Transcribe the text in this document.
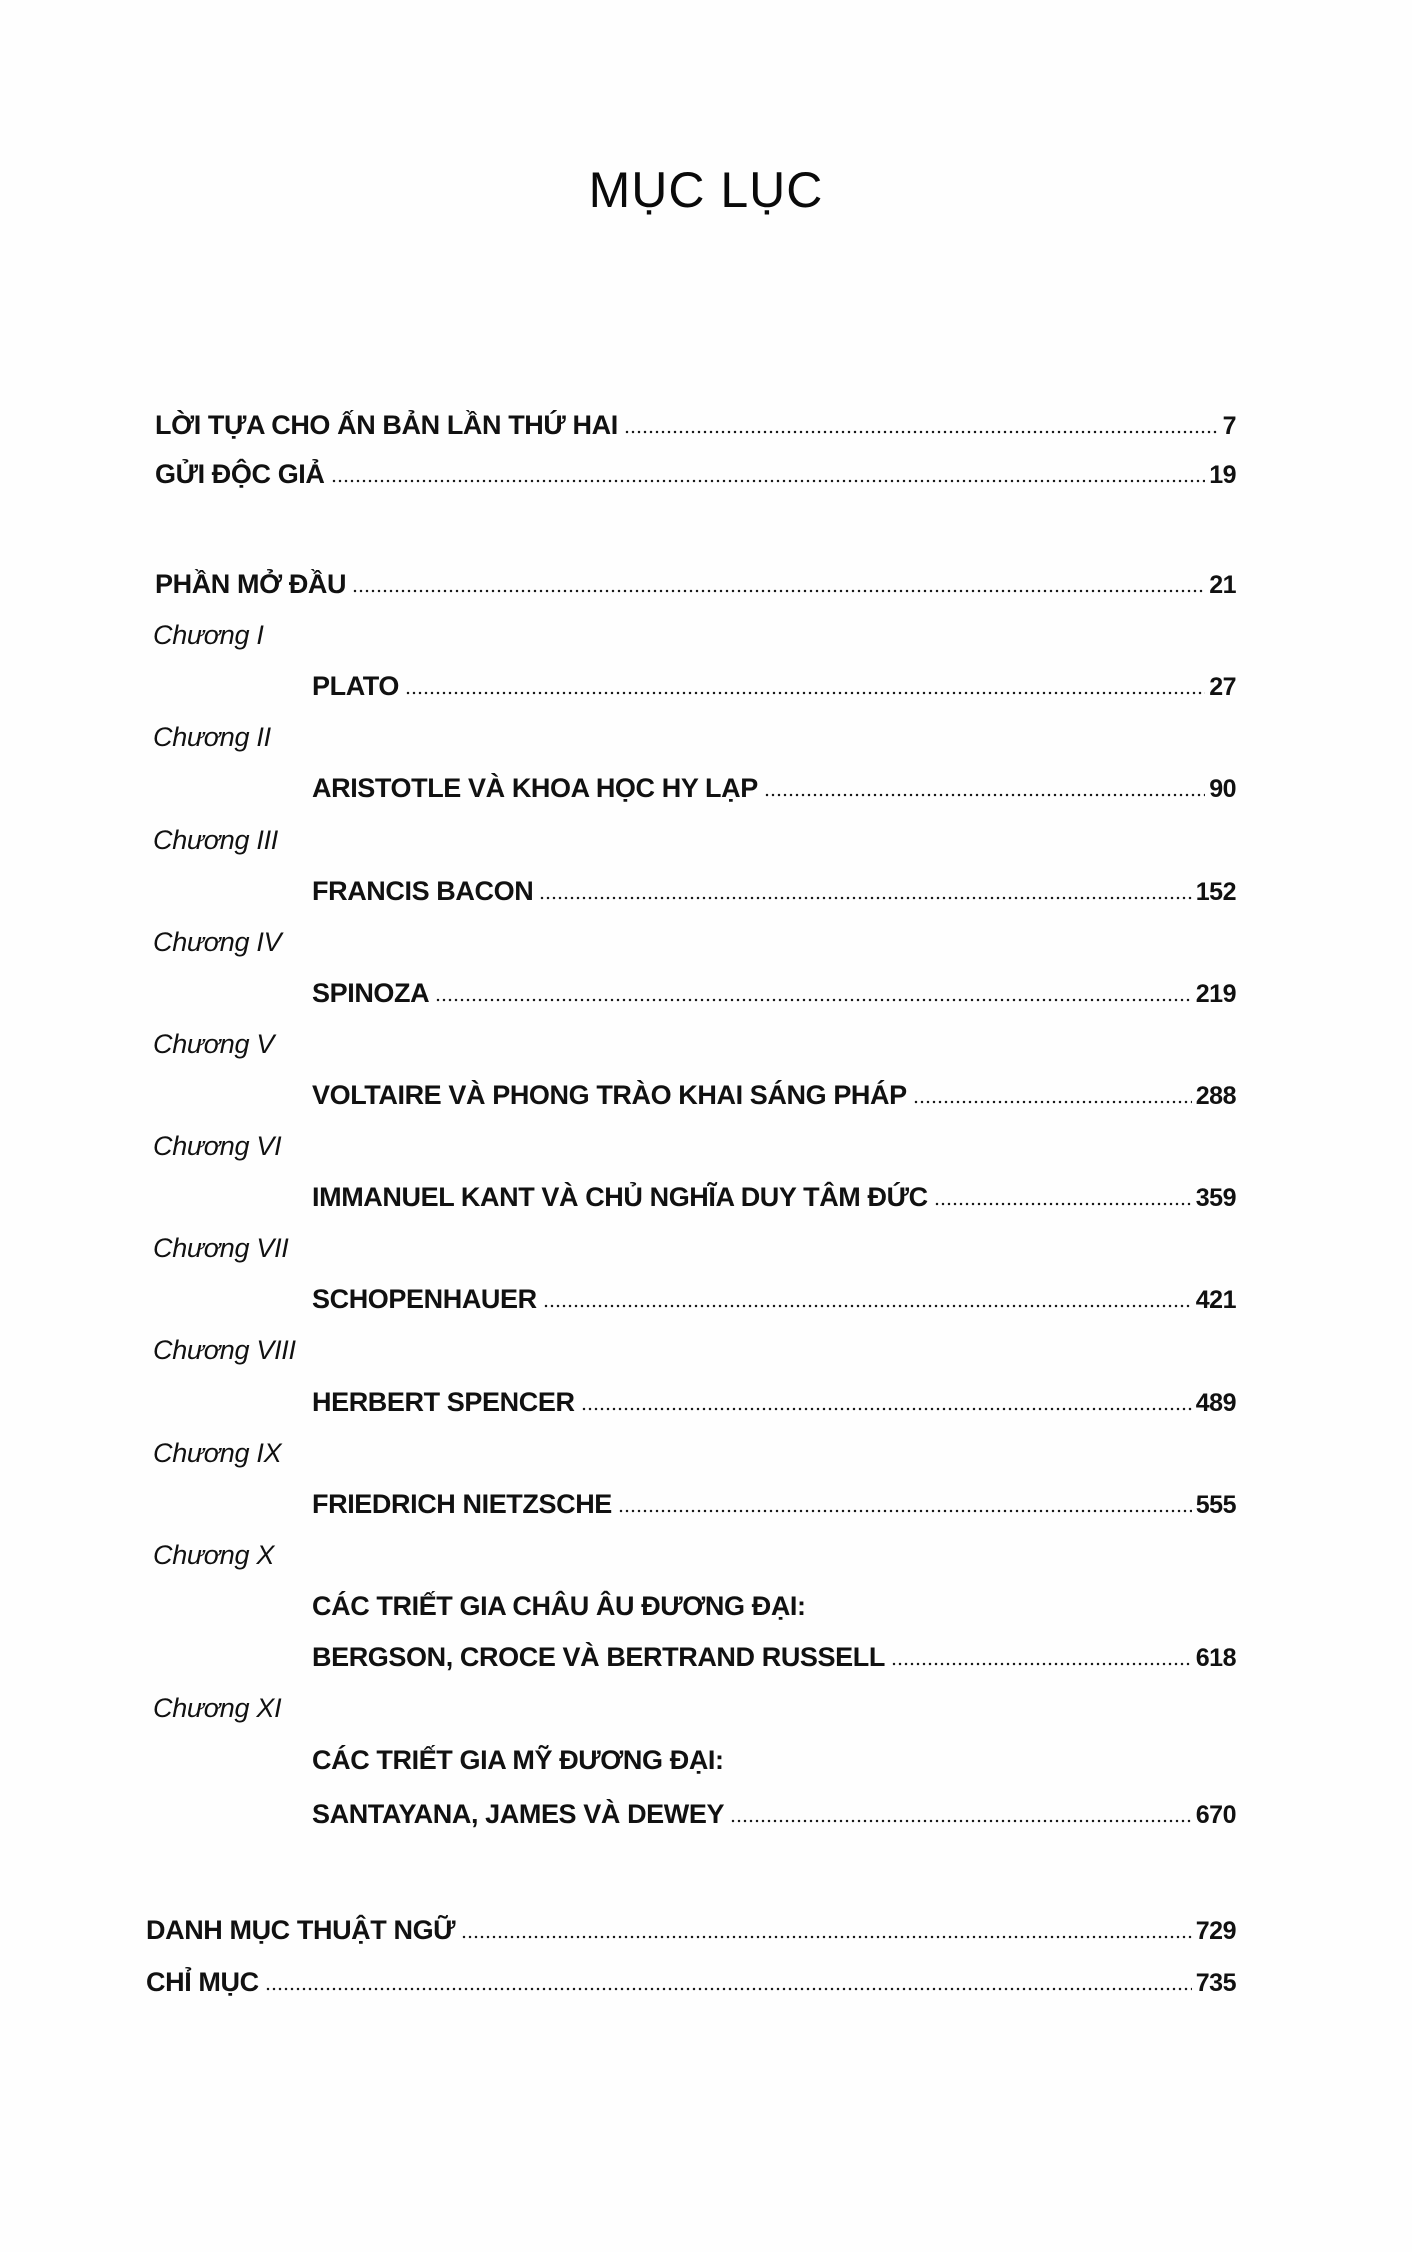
MỤC LỤC
LỜI TỰA CHO ẤN BẢN LẦN THỨ HAI	7
GỬI ĐỘC GIẢ	19
PHẦN MỞ ĐẦU	21
Chương I
PLATO	27
Chương II
ARISTOTLE VÀ KHOA HỌC HY LẠP	90
Chương III
FRANCIS BACON	152
Chương IV
SPINOZA	219
Chương V
VOLTAIRE VÀ PHONG TRÀO KHAI SÁNG PHÁP	288
Chương VI
IMMANUEL KANT VÀ CHỦ NGHĨA DUY TÂM ĐỨC	359
Chương VII
SCHOPENHAUER	421
Chương VIII
HERBERT SPENCER	489
Chương IX
FRIEDRICH NIETZSCHE	555
Chương X
CÁC TRIẾT GIA CHÂU ÂU ĐƯƠNG ĐẠI:
BERGSON, CROCE VÀ BERTRAND RUSSELL	618
Chương XI
CÁC TRIẾT GIA MỸ ĐƯƠNG ĐẠI:
SANTAYANA, JAMES VÀ DEWEY	670
DANH MỤC THUẬT NGỮ	729
CHỈ MỤC	735
